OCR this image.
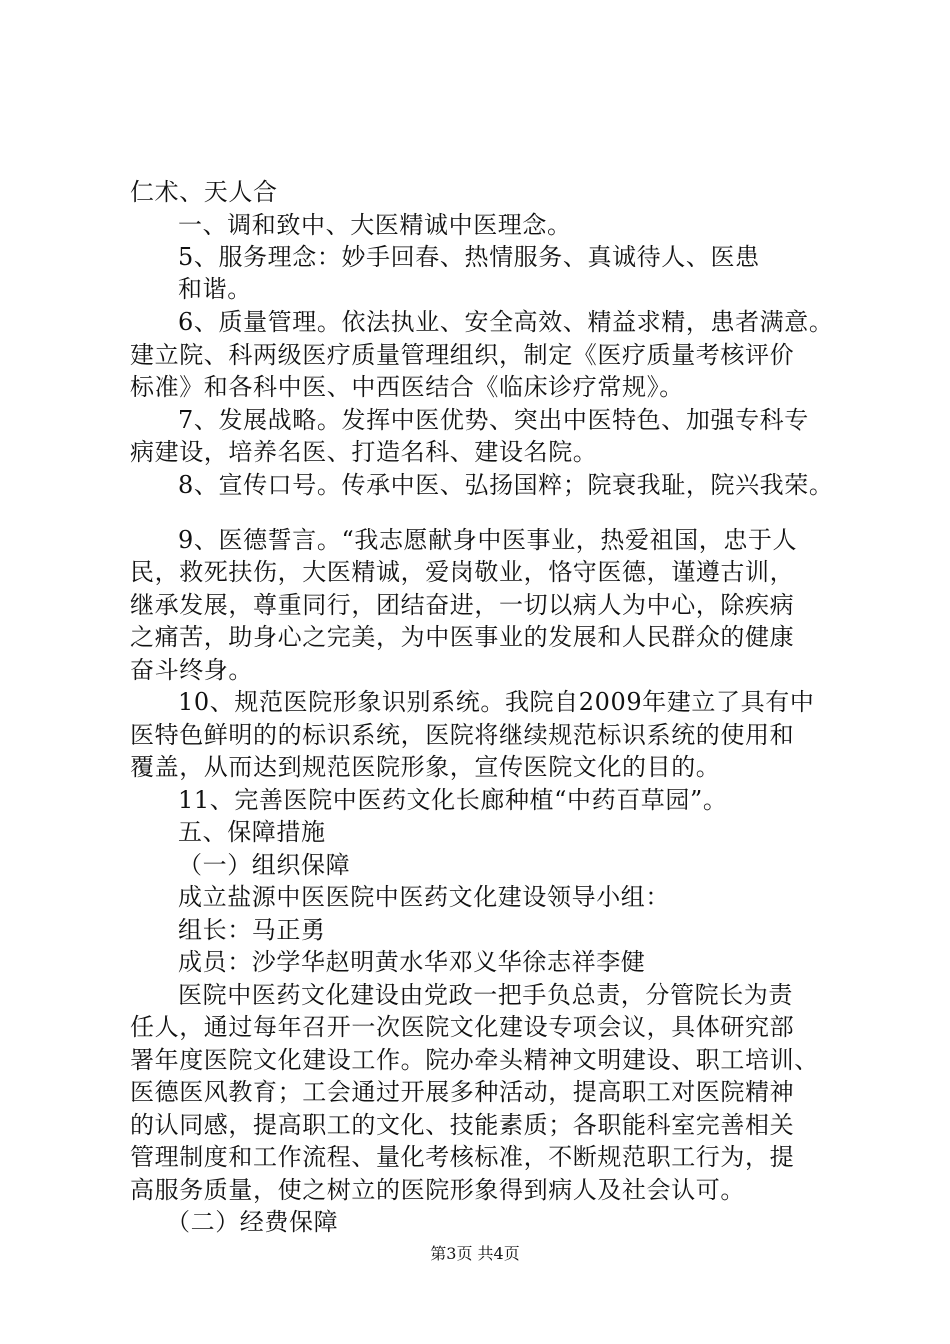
仁术、天人合
一、调和致中、大医精诚中医理念。
5、服务理念：妙手回春、热情服务、真诚待人、医患
和谐。
6、质量管理。依法执业、安全高效、精益求精，患者满意。
建立院、科两级医疗质量管理组织，制定《医疗质量考核评价
标准》和各科中医、中西医结合《临床诊疗常规》。
7、发展战略。发挥中医优势、突出中医特色、加强专科专
病建设，培养名医、打造名科、建设名院。
8、宣传口号。传承中医、弘扬国粹；院衰我耻，院兴我荣。
9、医德誓言。“我志愿献身中医事业，热爱祖国，忠于人
民，救死扶伤，大医精诚，爱岗敬业，恪守医德，谨遵古训，
继承发展，尊重同行，团结奋进，一切以病人为中心，除疾病
之痛苦，助身心之完美，为中医事业的发展和人民群众的健康
奋斗终身。
10、规范医院形象识别系统。我院自2009年建立了具有中
医特色鲜明的的标识系统，医院将继续规范标识系统的使用和
覆盖，从而达到规范医院形象，宣传医院文化的目的。
11、完善医院中医药文化长廊种植“中药百草园”。
五、保障措施
（一）组织保障
成立盐源中医医院中医药文化建设领导小组：
组长：马正勇
成员：沙学华赵明黄水华邓义华徐志祥李健
医院中医药文化建设由党政一把手负总责，分管院长为责
任人，通过每年召开一次医院文化建设专项会议，具体研究部
署年度医院文化建设工作。院办牵头精神文明建设、职工培训、
医德医风教育；工会通过开展多种活动，提高职工对医院精神
的认同感，提高职工的文化、技能素质；各职能科室完善相关
管理制度和工作流程、量化考核标准，不断规范职工行为，提
高服务质量，使之树立的医院形象得到病人及社会认可。
（二）经费保障
第3页 共4页
